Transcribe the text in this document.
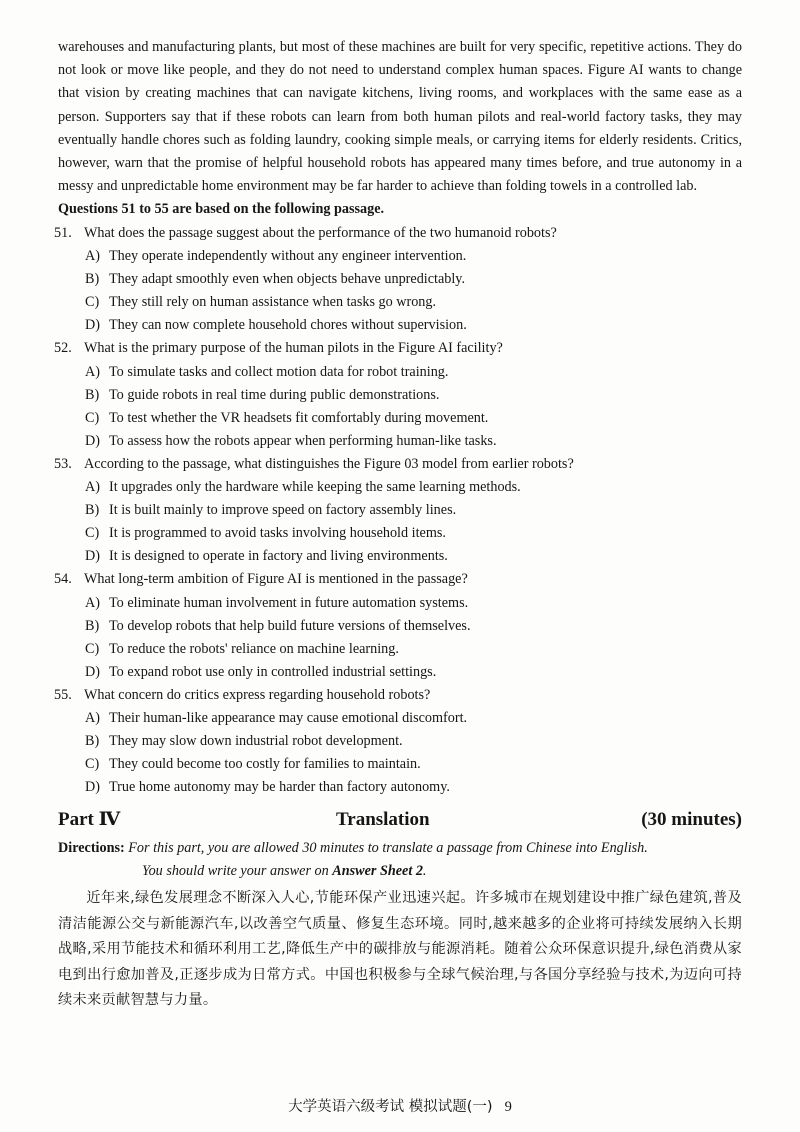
warehouses and manufacturing plants, but most of these machines are built for very specific, repetitive actions. They do not look or move like people, and they do not need to understand complex human spaces. Figure AI wants to change that vision by creating machines that can navigate kitchens, living rooms, and workplaces with the same ease as a person. Supporters say that if these robots can learn from both human pilots and real-world factory tasks, they may eventually handle chores such as folding laundry, cooking simple meals, or carrying items for elderly residents. Critics, however, warn that the promise of helpful household robots has appeared many times before, and true autonomy in a messy and unpredictable home environment may be far harder to achieve than folding towels in a controlled lab.

Questions 51 to 55 are based on the following passage.

51. What does the passage suggest about the performance of the two humanoid robots?
A) They operate independently without any engineer intervention.
B) They adapt smoothly even when objects behave unpredictably.
C) They still rely on human assistance when tasks go wrong.
D) They can now complete household chores without supervision.
52. What is the primary purpose of the human pilots in the Figure AI facility?
A) To simulate tasks and collect motion data for robot training.
B) To guide robots in real time during public demonstrations.
C) To test whether the VR headsets fit comfortably during movement.
D) To assess how the robots appear when performing human-like tasks.
53. According to the passage, what distinguishes the Figure 03 model from earlier robots?
A) It upgrades only the hardware while keeping the same learning methods.
B) It is built mainly to improve speed on factory assembly lines.
C) It is programmed to avoid tasks involving household items.
D) It is designed to operate in factory and living environments.
54. What long-term ambition of Figure AI is mentioned in the passage?
A) To eliminate human involvement in future automation systems.
B) To develop robots that help build future versions of themselves.
C) To reduce the robots' reliance on machine learning.
D) To expand robot use only in controlled industrial settings.
55. What concern do critics express regarding household robots?
A) Their human-like appearance may cause emotional discomfort.
B) They may slow down industrial robot development.
C) They could become too costly for families to maintain.
D) True home autonomy may be harder than factory autonomy.
Part Ⅳ	Translation	(30 minutes)
Directions: For this part, you are allowed 30 minutes to translate a passage from Chinese into English.
You should write your answer on Answer Sheet 2.

近年来,绿色发展理念不断深入人心,节能环保产业迅速兴起。许多城市在规划建设中推广绿色建筑,普及清洁能源公交与新能源汽车,以改善空气质量、修复生态环境。同时,越来越多的企业将可持续发展纳入长期战略,采用节能技术和循环利用工艺,降低生产中的碳排放与能源消耗。随着公众环保意识提升,绿色消费从家电到出行愈加普及,正逐步成为日常方式。中国也积极参与全球气候治理,与各国分享经验与技术,为迈向可持续未来贡献智慧与力量。

大学英语六级考试 模拟试题(一) 9
